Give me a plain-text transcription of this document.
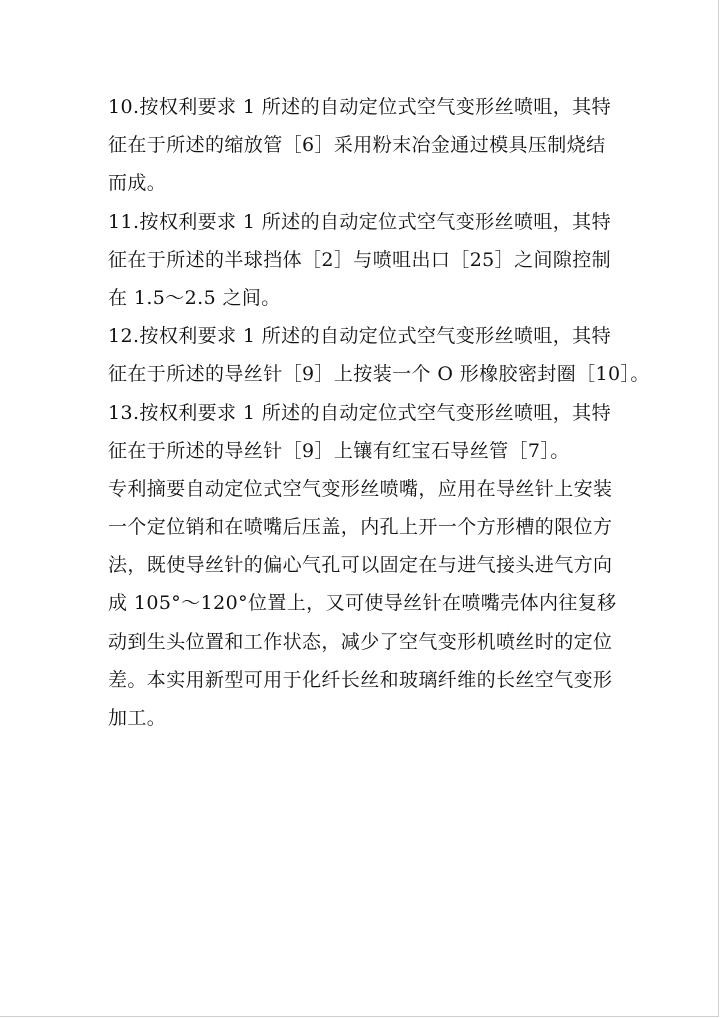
10.按权利要求 1 所述的自动定位式空气变形丝喷咀，其特
征在于所述的缩放管［6］采用粉末冶金通过模具压制烧结
而成。
11.按权利要求 1 所述的自动定位式空气变形丝喷咀，其特
征在于所述的半球挡体［2］与喷咀出口［25］之间隙控制
在 1.5～2.5 之间。
12.按权利要求 1 所述的自动定位式空气变形丝喷咀，其特
征在于所述的导丝针［9］上按装一个 O 形橡胶密封圈［10］。
13.按权利要求 1 所述的自动定位式空气变形丝喷咀，其特
征在于所述的导丝针［9］上镶有红宝石导丝管［7］。
专利摘要自动定位式空气变形丝喷嘴，应用在导丝针上安装
一个定位销和在喷嘴后压盖，内孔上开一个方形槽的限位方
法，既使导丝针的偏心气孔可以固定在与进气接头进气方向
成 105°～120°位置上，又可使导丝针在喷嘴壳体内往复移
动到生头位置和工作状态，减少了空气变形机喷丝时的定位
差。本实用新型可用于化纤长丝和玻璃纤维的长丝空气变形
加工。
